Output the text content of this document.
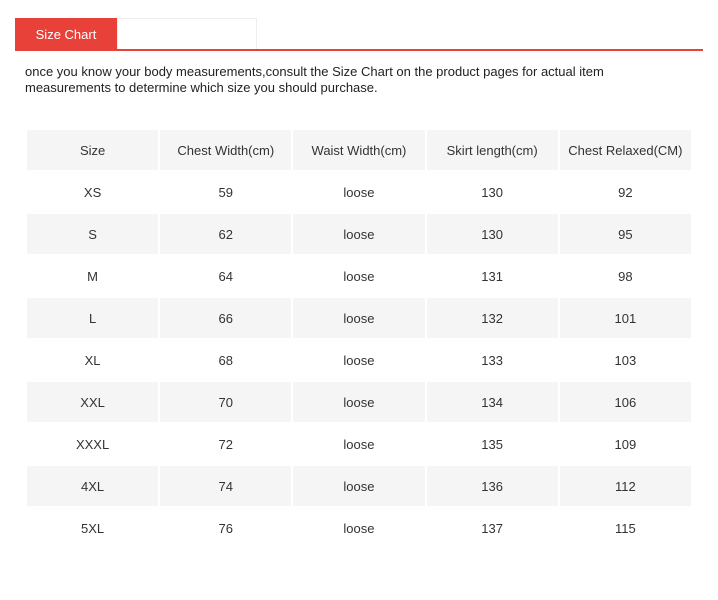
Size Chart

once you know your body measurements,consult the Size Chart on the product pages for actual item measurements to determine which size you should purchase.

Size	Chest Width(cm)	Waist Width(cm)	Skirt length(cm)	Chest Relaxed(CM)
XS	59	loose	130	92
S	62	loose	130	95
M	64	loose	131	98
L	66	loose	132	101
XL	68	loose	133	103
XXL	70	loose	134	106
XXXL	72	loose	135	109
4XL	74	loose	136	112
5XL	76	loose	137	115
